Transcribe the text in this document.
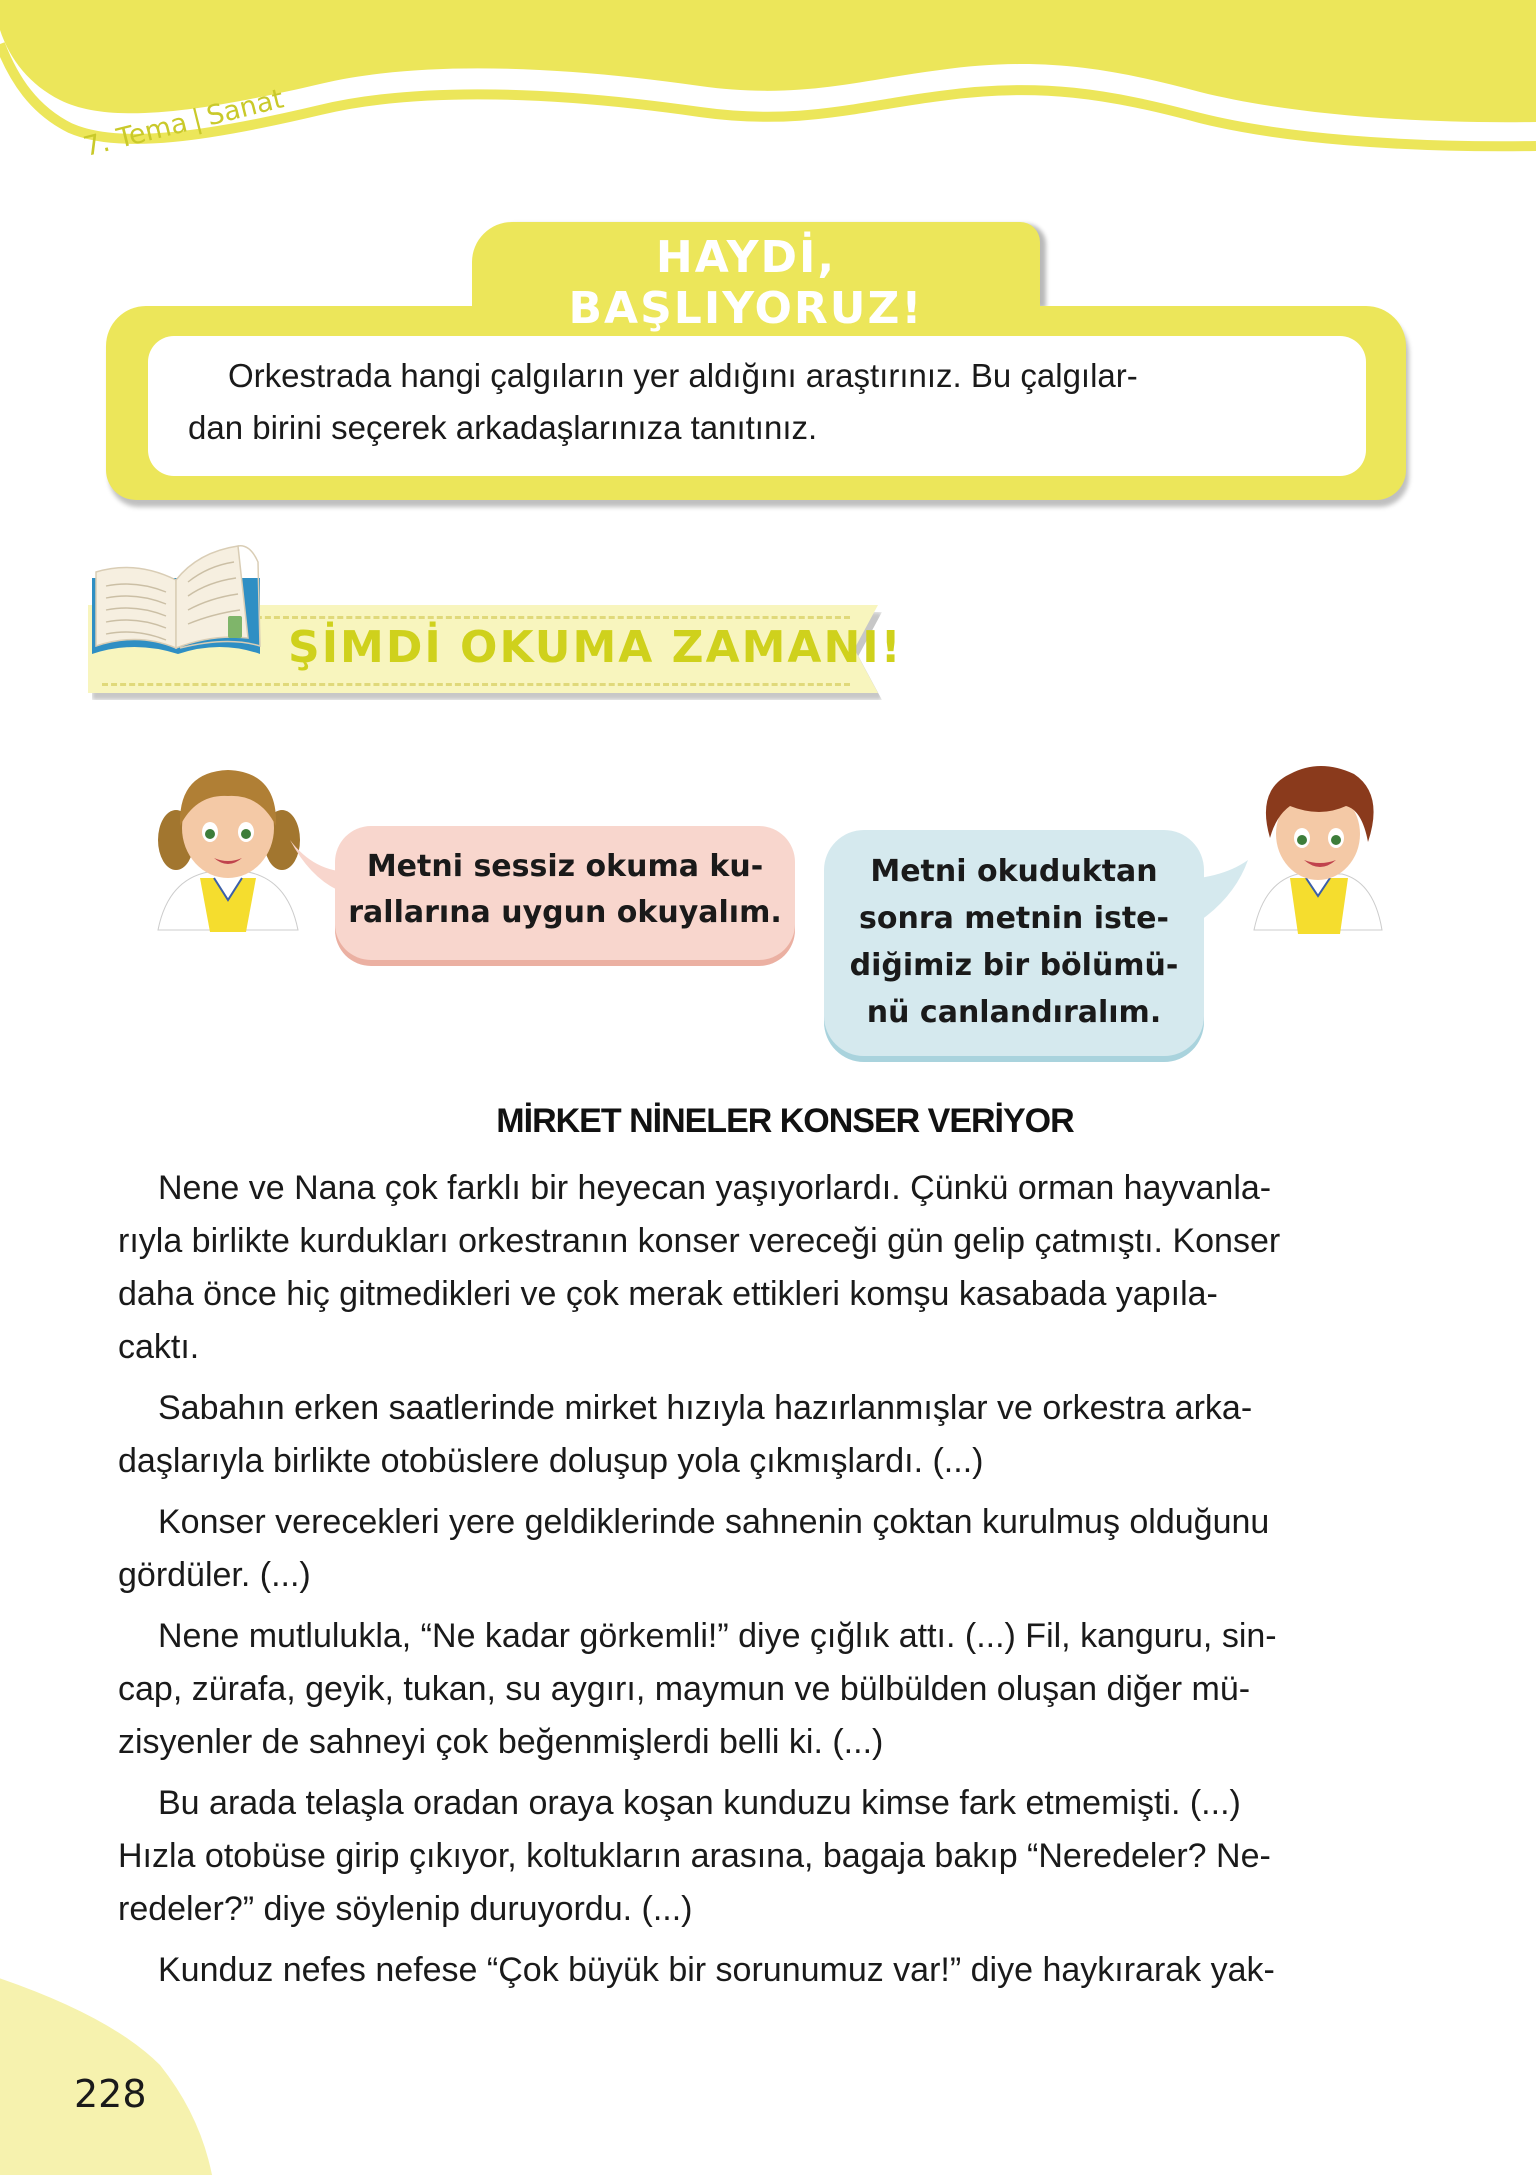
7. Tema|Sanat
HAYDİ, BAŞLIYORUZ!

Orkestrada hangi çalgıların yer aldığını araştırınız. Bu çalgılar-

dan birini seçerek arkadaşlarınıza tanıtınız.

ŞİMDİ OKUMA ZAMANI!
Metni sessiz okuma ku-
rallarına uygun okuyalım.
Metni okuduktan
sonra metnin iste-
diğimiz bir bölümü-
nü canlandıralım.
MİRKET NİNELER KONSER VERİYOR

Nene ve Nana çok farklı bir heyecan yaşıyorlardı. Çünkü orman hayvanla-
rıyla birlikte kurdukları orkestranın konser vereceği gün gelip çatmıştı. Konser
daha önce hiç gitmedikleri ve çok merak ettikleri komşu kasabada yapıla-
caktı.

Sabahın erken saatlerinde mirket hızıyla hazırlanmışlar ve orkestra arka-
daşlarıyla birlikte otobüslere doluşup yola çıkmışlardı. (...)

Konser verecekleri yere geldiklerinde sahnenin çoktan kurulmuş olduğunu
gördüler. (...)

Nene mutlulukla, “Ne kadar görkemli!” diye çığlık attı. (...) Fil, kanguru, sin-
cap, zürafa, geyik, tukan, su aygırı, maymun ve bülbülden oluşan diğer mü-
zisyenler de sahneyi çok beğenmişlerdi belli ki. (...)

Bu arada telaşla oradan oraya koşan kunduzu kimse fark etmemişti. (...)
Hızla otobüse girip çıkıyor, koltukların arasına, bagaja bakıp “Neredeler? Ne-
redeler?” diye söylenip duruyordu. (...)

Kunduz nefes nefese “Çok büyük bir sorunumuz var!” diye haykırarak yak-

228
